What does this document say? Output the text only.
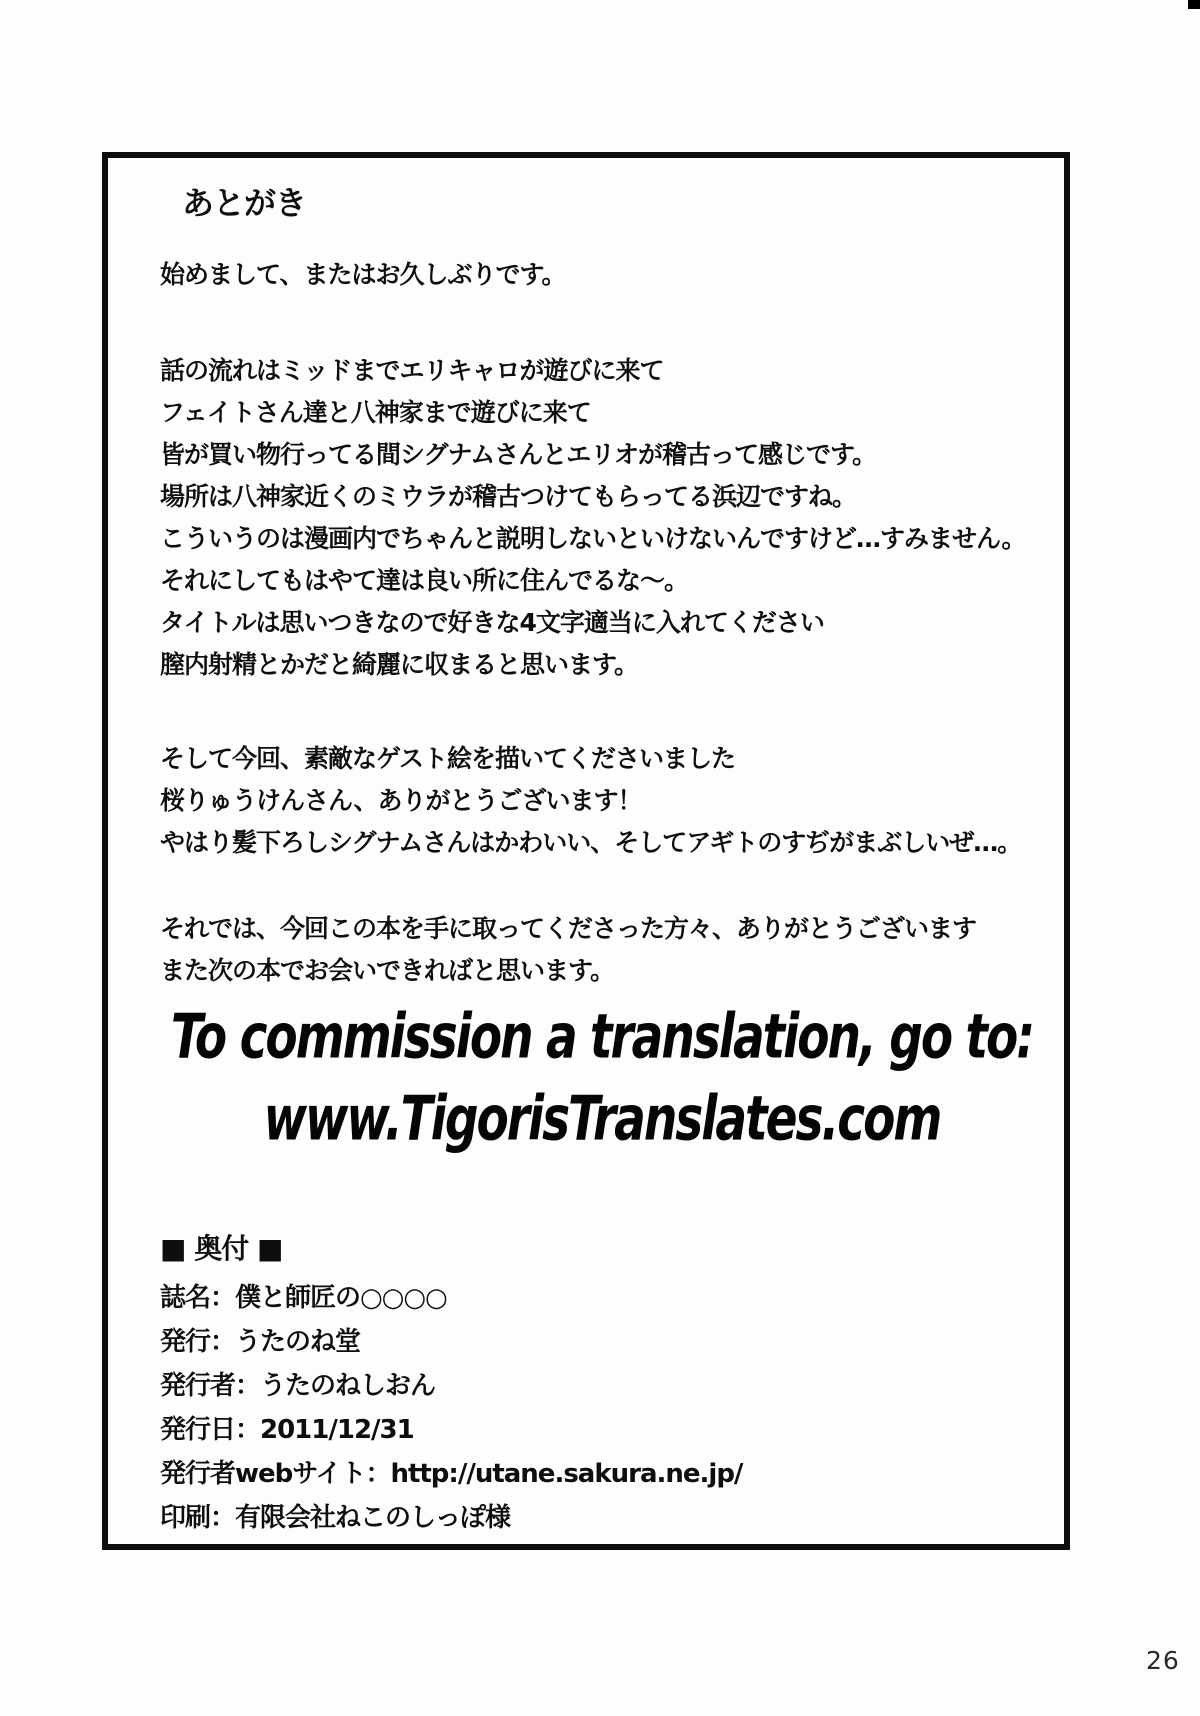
あとがき
始めまして、またはお久しぶりです。

話の流れはミッドまでエリキャロが遊びに来て

フェイトさん達と八神家まで遊びに来て

皆が買い物行ってる間シグナムさんとエリオが稽古って感じです。

場所は八神家近くのミウラが稽古つけてもらってる浜辺ですね。

こういうのは漫画内でちゃんと説明しないといけないんですけど…すみません。

それにしてもはやて達は良い所に住んでるな～。

タイトルは思いつきなので好きな4文字適当に入れてください

膣内射精とかだと綺麗に収まると思います。

そして今回、素敵なゲスト絵を描いてくださいました

桜りゅうけんさん、ありがとうございます！

やはり髪下ろしシグナムさんはかわいい、そしてアギトのすぢがまぶしいぜ…。

それでは、今回この本を手に取ってくださった方々、ありがとうございます

また次の本でお会いできればと思います。

To commission a translation, go to:
www.TigorisTranslates.com
■ 奥付 ■

誌名：僕と師匠の○○○○

発行：うたのね堂

発行者：うたのねしおん

発行日：2011/12/31

発行者webサイト：http://utane.sakura.ne.jp/

印刷：有限会社ねこのしっぽ様

26
